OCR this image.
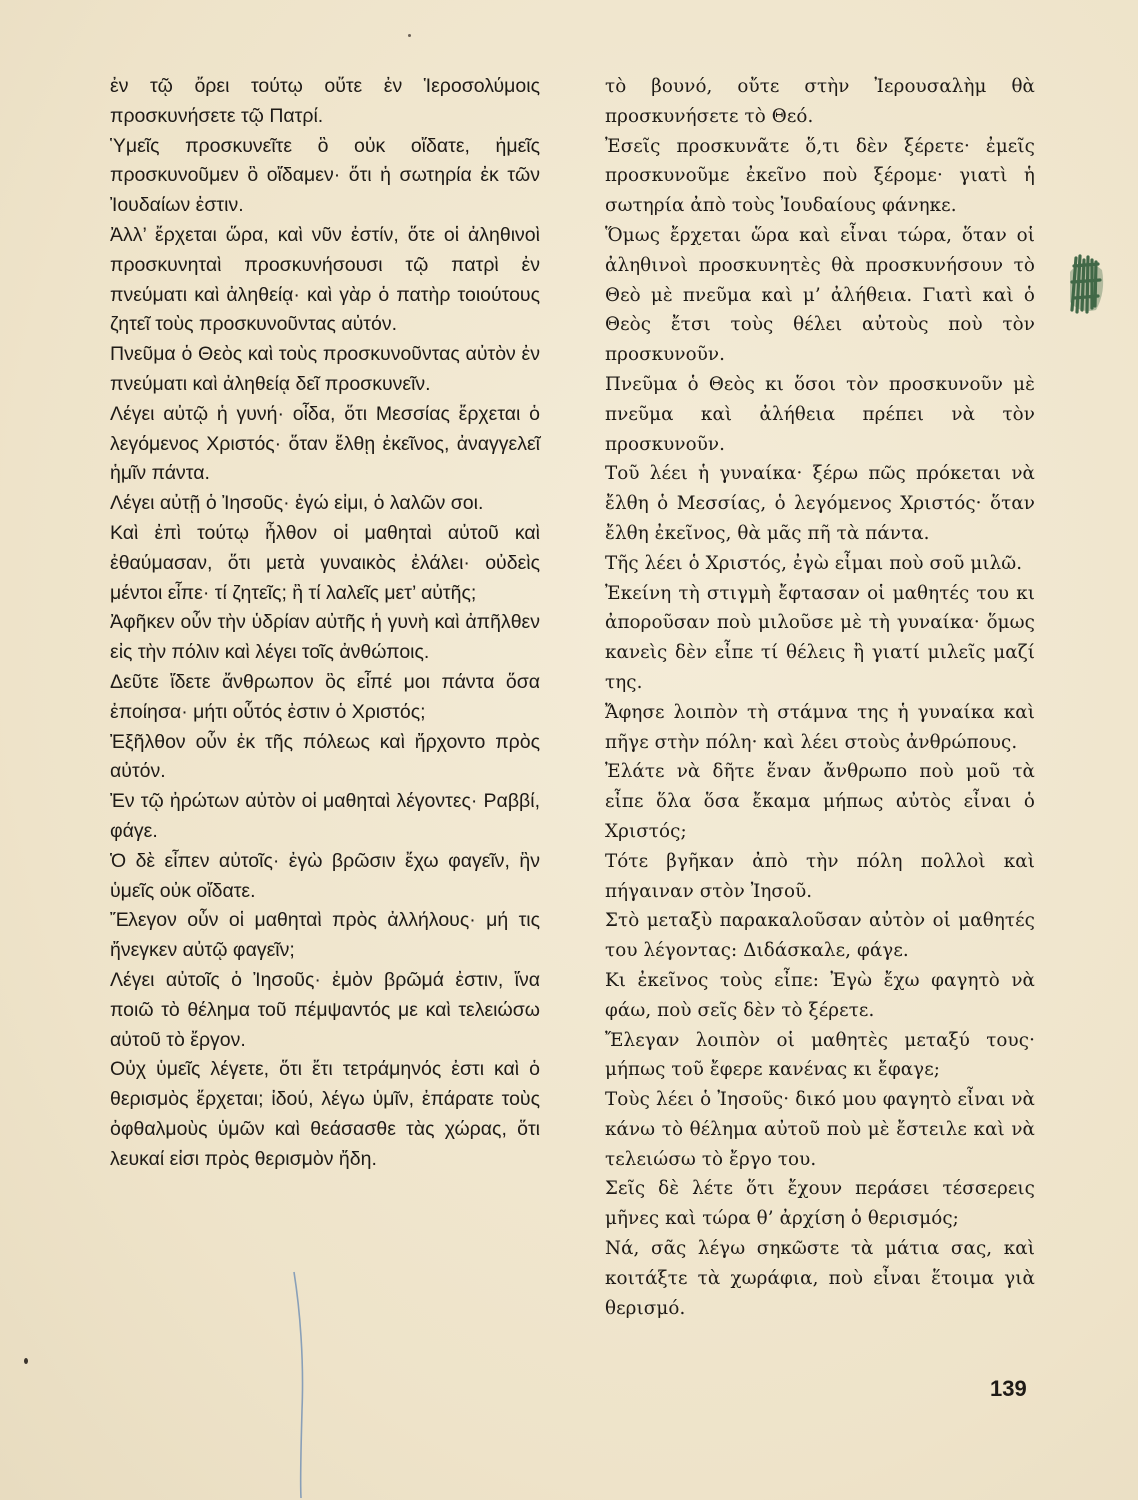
ἐν τῷ ὄρει τούτῳ οὔτε ἐν Ἱεροσολύμοις προσκυνήσετε τῷ Πατρί.

Ὑμεῖς προσκυνεῖτε ὃ οὐκ οἴδατε, ἡμεῖς προσκυνοῦμεν ὃ οἴδαμεν· ὅτι ἡ σωτηρία ἐκ τῶν Ἰουδαίων ἐστιν.

Ἀλλ’ ἔρχεται ὥρα, καὶ νῦν ἐστίν, ὅτε οἱ ἀληθινοὶ προσκυνηταὶ προσκυνήσουσι τῷ πατρὶ ἐν πνεύματι καὶ ἀληθείᾳ· καὶ γὰρ ὁ πατὴρ τοιούτους ζητεῖ τοὺς προσκυνοῦντας αὐτόν.

Πνεῦμα ὁ Θεὸς καὶ τοὺς προσκυνοῦντας αὐτὸν ἐν πνεύματι καὶ ἀληθείᾳ δεῖ προσκυνεῖν.

Λέγει αὐτῷ ἡ γυνή· οἶδα, ὅτι Μεσσίας ἔρχεται ὁ λεγόμενος Χριστός· ὅταν ἔλθῃ ἐκεῖνος, ἀναγγελεῖ ἡμῖν πάντα.

Λέγει αὐτῇ ὁ Ἰησοῦς· ἐγώ εἰμι, ὁ λαλῶν σοι.

Καὶ ἐπὶ τούτῳ ἦλθον οἱ μαθηταὶ αὐτοῦ καὶ ἐθαύμασαν, ὅτι μετὰ γυναικὸς ἐλάλει· οὐδεὶς μέντοι εἶπε· τί ζητεῖς; ἢ τί λαλεῖς μετ’ αὐτῆς;

Ἀφῆκεν οὖν τὴν ὑδρίαν αὐτῆς ἡ γυνὴ καὶ ἀπῆλθεν εἰς τὴν πόλιν καὶ λέγει τοῖς ἀνθώποις.

Δεῦτε ἴδετε ἄνθρωπον ὃς εἶπέ μοι πάντα ὅσα ἐποίησα· μήτι οὗτός ἐστιν ὁ Χριστός;

Ἐξῆλθον οὖν ἐκ τῆς πόλεως καὶ ἤρχοντο πρὸς αὐτόν.

Ἐν τῷ ἠρώτων αὐτὸν οἱ μαθηταὶ λέγοντες· Ραββί, φάγε.

Ὁ δὲ εἶπεν αὐτοῖς· ἐγὼ βρῶσιν ἔχω φαγεῖν, ἣν ὑμεῖς οὐκ οἴδατε.

Ἔλεγον οὖν οἱ μαθηταὶ πρὸς ἀλλήλους· μή τις ἤνεγκεν αὐτῷ φαγεῖν;

Λέγει αὐτοῖς ὁ Ἰησοῦς· ἐμὸν βρῶμά ἐστιν, ἵνα ποιῶ τὸ θέλημα τοῦ πέμψαντός με καὶ τελειώσω αὐτοῦ τὸ ἔργον.

Οὐχ ὑμεῖς λέγετε, ὅτι ἔτι τετράμηνός ἐστι καὶ ὁ θερισμὸς ἔρχεται; ἰδού, λέγω ὑμῖν, ἐπάρατε τοὺς ὀφθαλμοὺς ὑμῶν καὶ θεάσασθε τὰς χώρας, ὅτι λευκαί εἰσι πρὸς θερισμὸν ἤδη.

τὸ βουνό, οὔτε στὴν Ἰερουσαλὴμ θὰ προσκυνήσετε τὸ Θεό.

Ἐσεῖς προσκυνᾶτε ὅ,τι δὲν ξέρετε· ἐμεῖς προσκυνοῦμε ἐκεῖνο ποὺ ξέρομε· γιατὶ ἡ σωτηρία ἀπὸ τοὺς Ἰουδαίους φάνηκε.

Ὅμως ἔρχεται ὥρα καὶ εἶναι τώρα, ὅταν οἱ ἀληθινοὶ προσκυνητὲς θὰ προσκυνήσουν τὸ Θεὸ μὲ πνεῦμα καὶ μ’ ἀλήθεια. Γιατὶ καὶ ὁ Θεὸς ἔτσι τοὺς θέλει αὐτοὺς ποὺ τὸν προσκυνοῦν.

Πνεῦμα ὁ Θεὸς κι ὅσοι τὸν προσκυνοῦν μὲ πνεῦμα καὶ ἀλήθεια πρέπει νὰ τὸν προσκυνοῦν.

Τοῦ λέει ἡ γυναίκα· ξέρω πῶς πρόκεται νὰ ἔλθη ὁ Μεσσίας, ὁ λεγόμενος Χριστός· ὅταν ἔλθη ἐκεῖνος, θὰ μᾶς πῆ τὰ πάντα.

Τῆς λέει ὁ Χριστός, ἐγὼ εἶμαι ποὺ σοῦ μιλῶ.

Ἐκείνη τὴ στιγμὴ ἔφτασαν οἱ μαθητές του κι ἀποροῦσαν ποὺ μιλοῦσε μὲ τὴ γυναίκα· ὅμως κανεὶς δὲν εἶπε τί θέλεις ἢ γιατί μιλεῖς μαζί της.

Ἄφησε λοιπὸν τὴ στάμνα της ἡ γυναίκα καὶ πῆγε στὴν πόλη· καὶ λέει στοὺς ἀνθρώπους.

Ἐλάτε νὰ δῆτε ἕναν ἄνθρωπο ποὺ μοῦ τὰ εἶπε ὅλα ὅσα ἔκαμα μήπως αὐτὸς εἶναι ὁ Χριστός;

Τότε βγῆκαν ἀπὸ τὴν πόλη πολλοὶ καὶ πήγαιναν στὸν Ἰησοῦ.

Στὸ μεταξὺ παρακαλοῦσαν αὐτὸν οἱ μαθητές του λέγοντας: Διδάσκαλε, φάγε.

Κι ἐκεῖνος τοὺς εἶπε: Ἐγὼ ἔχω φαγητὸ νὰ φάω, ποὺ σεῖς δὲν τὸ ξέρετε.

Ἔλεγαν λοιπὸν οἱ μαθητὲς μεταξύ τους· μήπως τοῦ ἔφερε κανένας κι ἔφαγε;

Τοὺς λέει ὁ Ἰησοῦς· δικό μου φαγητὸ εἶναι νὰ κάνω τὸ θέλημα αὐτοῦ ποὺ μὲ ἔστειλε καὶ νὰ τελειώσω τὸ ἔργο του.

Σεῖς δὲ λέτε ὅτι ἔχουν περάσει τέσσερεις μῆνες καὶ τώρα θ’ ἀρχίση ὁ θερισμός;

Νά, σᾶς λέγω σηκῶστε τὰ μάτια σας, καὶ κοιτάξτε τὰ χωράφια, ποὺ εἶναι ἕτοιμα γιὰ θερισμό.

139
